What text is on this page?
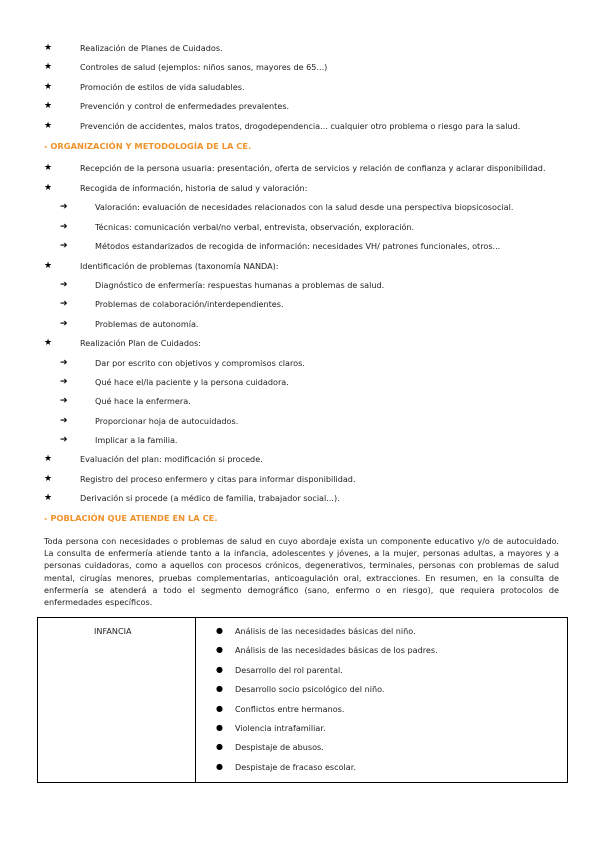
★	Realización de Planes de Cuidados.
★	Controles de salud (ejemplos: niños sanos, mayores de 65...)
★	Promoción de estilos de vida saludables.
★	Prevención y control de enfermedades prevalentes.
★	Prevención de accidentes, malos tratos, drogodependencia... cualquier otro problema o riesgo para la salud.
- ORGANIZACIÓN Y METODOLOGÍA DE LA CE.
★	Recepción de la persona usuaria: presentación, oferta de servicios y relación de confianza y aclarar disponibilidad.
★	Recogida de información, historia de salud y valoración:
➔	Valoración: evaluación de necesidades relacionados con la salud desde una perspectiva biopsicosocial.
➔	Técnicas: comunicación verbal/no verbal, entrevista, observación, exploración.
➔	Métodos estandarizados de recogida de información: necesidades VH/ patrones funcionales, otros...
★	Identificación de problemas (taxonomía NANDA):
➔	Diagnóstico de enfermería: respuestas humanas a problemas de salud.
➔	Problemas de colaboración/interdependientes.
➔	Problemas de autonomía.
★	Realización Plan de Cuidados:
➔	Dar por escrito con objetivos y compromisos claros.
➔	Qué hace el/la paciente y la persona cuidadora.
➔	Qué hace la enfermera.
➔	Proporcionar hoja de autocuidados.
➔	Implicar a la familia.
★	Evaluación del plan: modificación si procede.
★	Registro del proceso enfermero y citas para informar disponibilidad.
★	Derivación si procede (a médico de familia, trabajador social...).
- POBLACIÓN QUE ATIENDE EN LA CE.
Toda persona con necesidades o problemas de salud en cuyo abordaje exista un componente educativo y/o de autocuidado. La consulta de enfermería atiende tanto a la infancia, adolescentes y jóvenes, a la mujer, personas adultas, a mayores y a personas cuidadoras, como a aquellos con procesos crónicos, degenerativos, terminales, personas con problemas de salud mental, cirugías menores, pruebas complementarias, anticoagulación oral, extracciones. En resumen, en la consulta de enfermería se atenderá a todo el segmento demográfico (sano, enfermo o en riesgo), que requiera protocolos de enfermedades específicos.
INFANCIA	● Análisis de las necesidades básicas del niño.
● Análisis de las necesidades básicas de los padres.
● Desarrollo del rol parental.
● Desarrollo socio psicológico del niño.
● Conflictos entre hermanos.
● Violencia intrafamiliar.
● Despistaje de abusos.
● Despistaje de fracaso escolar.
